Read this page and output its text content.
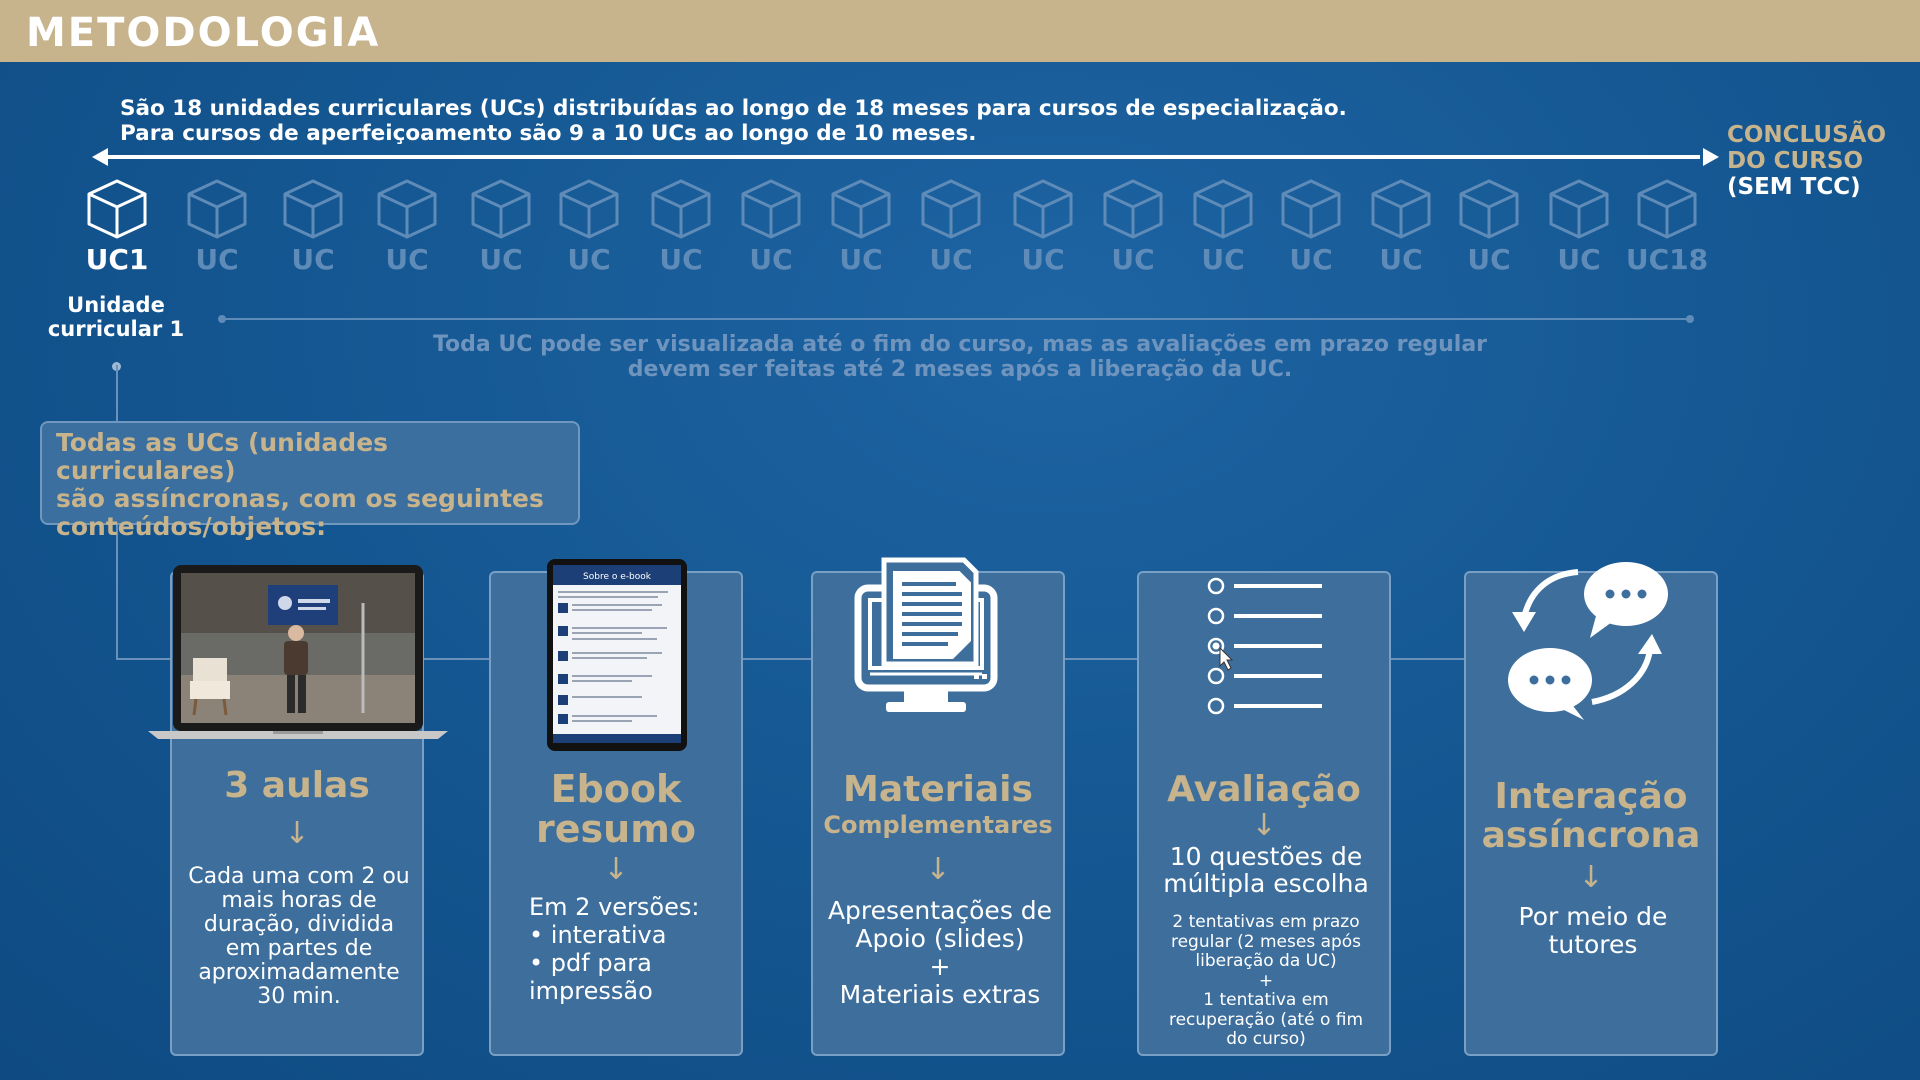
METODOLOGIA
São 18 unidades curriculares (UCs) distribuídas ao longo de 18 meses para cursos de especialização.
Para cursos de aperfeiçoamento são 9 a 10 UCs ao longo de 10 meses.	CONCLUSÃO
DO CURSO
(SEM TCC)
UC1	UC	UC	UC	UC	UC	UC	UC	UC	UC	UC	UC	UC	UC	UC	UC	UC UC18
Unidade
curricular 1
Toda UC pode ser visualizada até o fim do curso, mas as avaliações em prazo regular
devem ser feitas até 2 meses após a liberação da UC.

Todas as UCs (unidades curriculares)
são assíncronas, com os seguintes
conteúdos/objetos:

3 aulas
↓
Cada uma com 2 ou
mais horas de
duração, dividida
em partes de
aproximadamente
30 min.
Ebook
resumo
↓
Em 2 versões:
• interativa
• pdf para
impressão
Sobre o e-book
Materiais
Complementares
↓
Apresentações de
Apoio (slides)
+
Materiais extras
Avaliação
↓
10 questões de
múltipla escolha
2 tentativas em prazo
regular (2 meses após
liberação da UC)
+
1 tentativa em
recuperação (até o fim
do curso)
Interação
assíncrona
↓
Por meio de
tutores
